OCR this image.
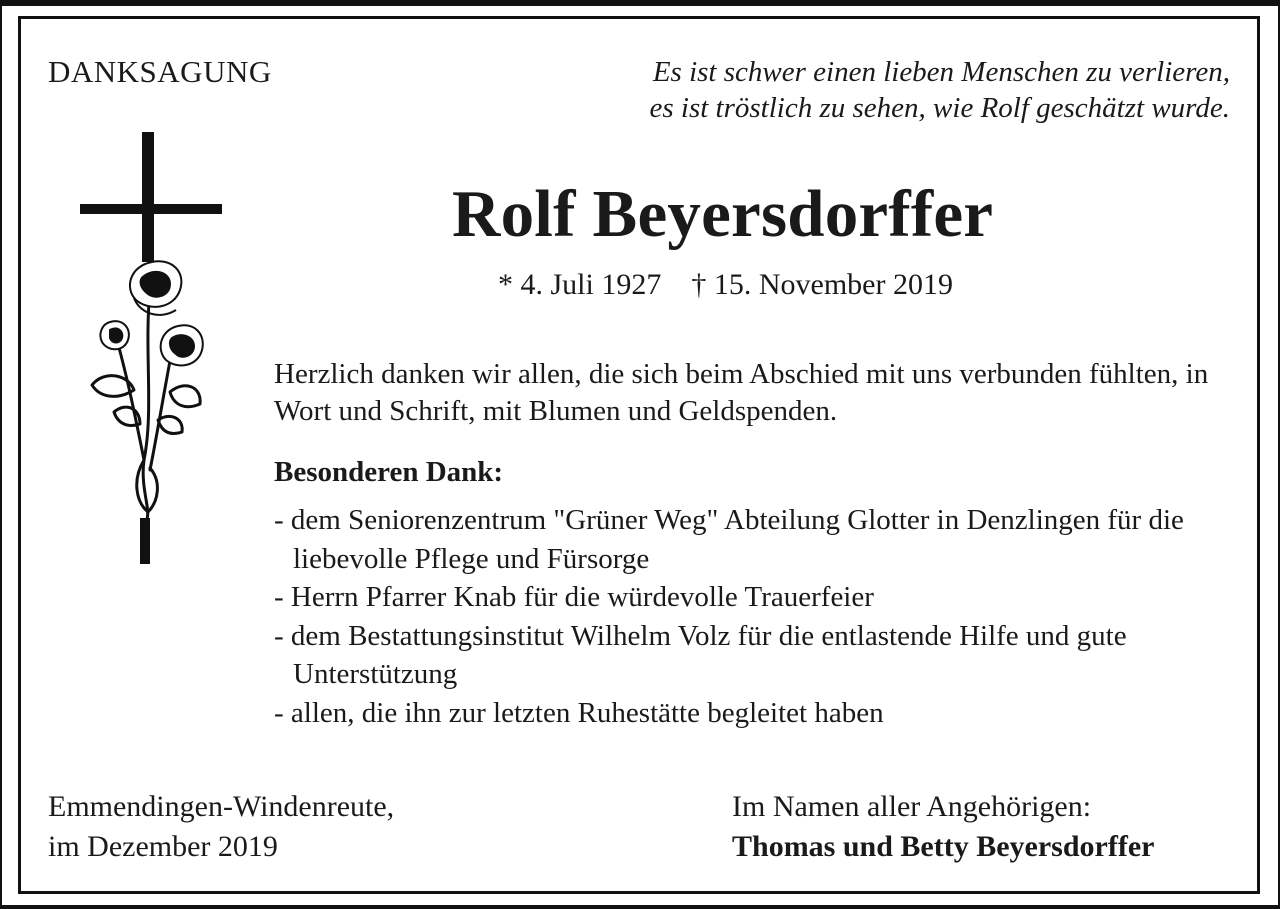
DANKSAGUNG	Es ist schwer einen lieben Menschen zu verlieren,
es ist tröstlich zu sehen, wie Rolf geschätzt wurde.
Rolf Beyersdorffer
* 4. Juli 1927 † 15. November 2019

Herzlich danken wir allen, die sich beim Abschied mit uns verbunden fühlten, in Wort und Schrift, mit Blumen und Geldspenden.

Besonderen Dank:
- dem Seniorenzentrum "Grüner Weg" Abteilung Glotter in Denzlingen für die liebevolle Pflege und Fürsorge
- Herrn Pfarrer Knab für die würdevolle Trauerfeier
- dem Bestattungsinstitut Wilhelm Volz für die entlastende Hilfe und gute Unterstützung
- allen, die ihn zur letzten Ruhestätte begleitet haben
Emmendingen-Windenreute,
im Dezember 2019
Im Namen aller Angehörigen:
Thomas und Betty Beyersdorffer
